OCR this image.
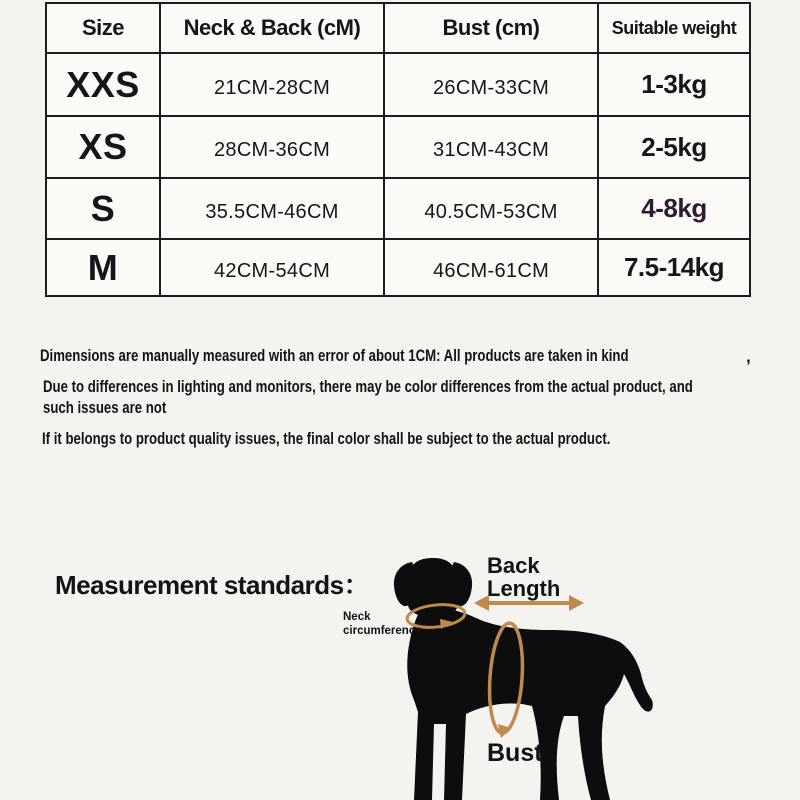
Size	Neck & Back (cM)	Bust (cm)	Suitable weight
XXS	21cm-28cm	26cm-33cm	1-3kg
XS	28cm-36cm	31cm-43cm	2-5kg
S	35.5cm-46cm	40.5cm-53cm	4-8kg
M	42cm-54cm	46cm-61cm	7.5-14kg
Dimensions are manually measured with an error of about 1CM: All products are taken in kind	,
Due to differences in lighting and monitors, there may be color differences from the actual product, and such issues are not
If it belongs to product quality issues, the final color shall be subject to the actual product.
Measurement standards：
Back Length
Neck circumference
Bust
